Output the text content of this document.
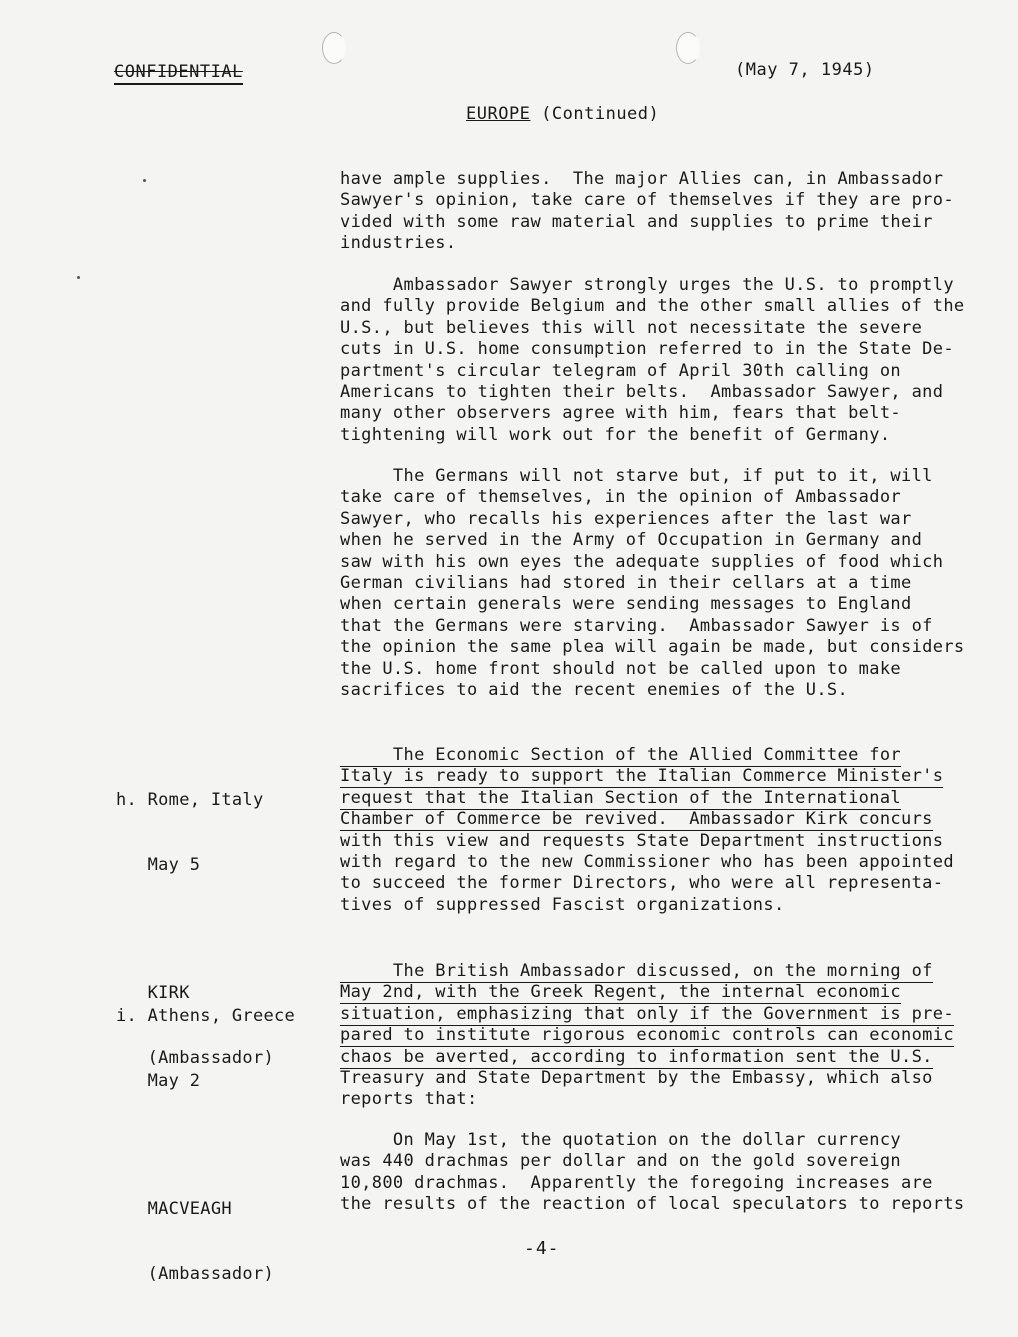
CONFIDENTIAL	(May 7, 1945)
EUROPE (Continued)
have ample supplies.  The major Allies can, in Ambassador
Sawyer's opinion, take care of themselves if they are pro-
vided with some raw material and supplies to prime their
industries.
Ambassador Sawyer strongly urges the U.S. to promptly
and fully provide Belgium and the other small allies of the
U.S., but believes this will not necessitate the severe
cuts in U.S. home consumption referred to in the State De-
partment's circular telegram of April 30th calling on
Americans to tighten their belts.  Ambassador Sawyer, and
many other observers agree with him, fears that belt-
tightening will work out for the benefit of Germany.
The Germans will not starve but, if put to it, will
take care of themselves, in the opinion of Ambassador
Sawyer, who recalls his experiences after the last war
when he served in the Army of Occupation in Germany and
saw with his own eyes the adequate supplies of food which
German civilians had stored in their cellars at a time
when certain generals were sending messages to England
that the Germans were starving.  Ambassador Sawyer is of
the opinion the same plea will again be made, but considers
the U.S. home front should not be called upon to make
sacrifices to aid the recent enemies of the U.S.

h. Rome, Italy

May 5

KIRK

(Ambassador)

The Economic Section of the Allied Committee for
Italy is ready to support the Italian Commerce Minister's
request that the Italian Section of the International
Chamber of Commerce be revived.  Ambassador Kirk concurs
with this view and requests State Department instructions
with regard to the new Commissioner who has been appointed
to succeed the former Directors, who were all representa-
tives of suppressed Fascist organizations.

i. Athens, Greece

May 2

MACVEAGH

(Ambassador)

The British Ambassador discussed, on the morning of
May 2nd, with the Greek Regent, the internal economic
situation, emphasizing that only if the Government is pre-
pared to institute rigorous economic controls can economic
chaos be averted, according to information sent the U.S.
Treasury and State Department by the Embassy, which also
reports that:
On May 1st, the quotation on the dollar currency
was 440 drachmas per dollar and on the gold sovereign
10,800 drachmas.  Apparently the foregoing increases are
the results of the reaction of local speculators to reports
-4-
